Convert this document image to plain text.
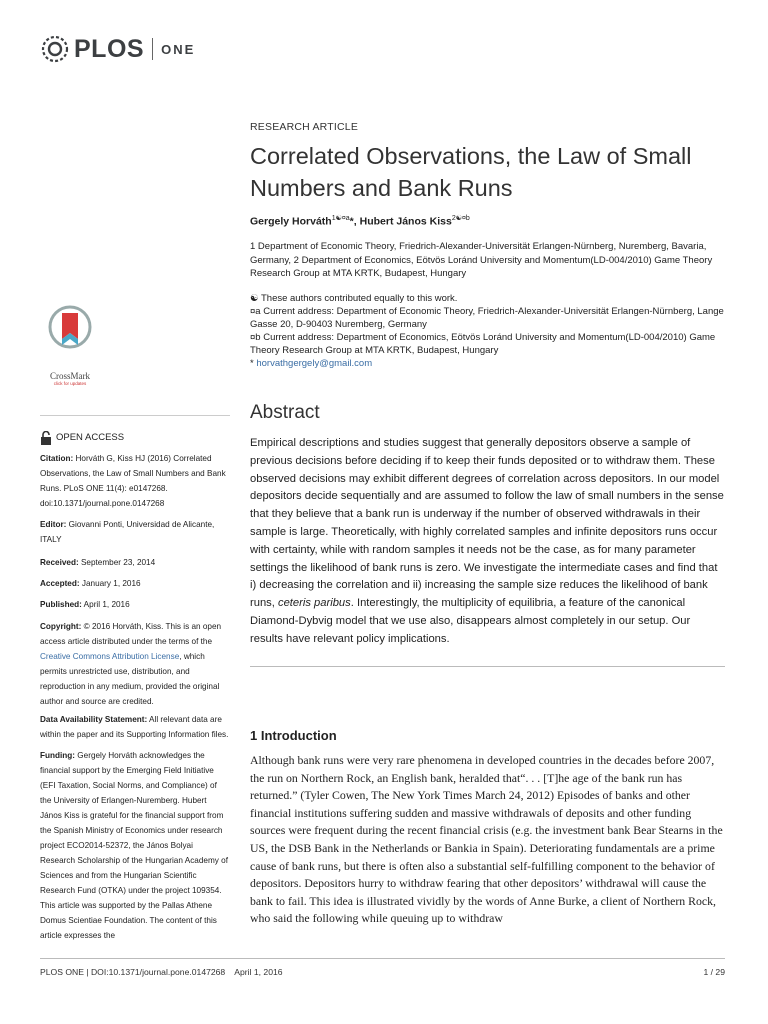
PLOS ONE
RESEARCH ARTICLE
Correlated Observations, the Law of Small
Numbers and Bank Runs
Gergely Horváth$^{1☯¤a}$*, Hubert János Kiss$^{2☯¤b}$
1 Department of Economic Theory, Friedrich-Alexander-Universität Erlangen-Nürnberg, Nuremberg, Bavaria, Germany, 2 Department of Economics, Eötvös Loránd University and Momentum(LD-004/2010) Game Theory Research Group at MTA KRTK, Budapest, Hungary
☯ These authors contributed equally to this work.
¤a Current address: Department of Economic Theory, Friedrich-Alexander-Universität Erlangen-Nürnberg, Lange Gasse 20, D-90403 Nuremberg, Germany
¤b Current address: Department of Economics, Eötvös Loránd University and Momentum(LD-004/2010) Game Theory Research Group at MTA KRTK, Budapest, Hungary
* horvathgergely@gmail.com
Abstract
Empirical descriptions and studies suggest that generally depositors observe a sample of previous decisions before deciding if to keep their funds deposited or to withdraw them. These observed decisions may exhibit different degrees of correlation across depositors. In our model depositors decide sequentially and are assumed to follow the law of small numbers in the sense that they believe that a bank run is underway if the number of observed withdrawals in their sample is large. Theoretically, with highly correlated samples and infinite depositors runs occur with certainty, while with random samples it needs not be the case, as for many parameter settings the likelihood of bank runs is zero. We investigate the intermediate cases and find that i) decreasing the correlation and ii) increasing the sample size reduces the likelihood of bank runs, ceteris paribus. Interestingly, the multiplicity of equilibria, a feature of the canonical Diamond-Dybvig model that we use also, disappears almost completely in our setup. Our results have relevant policy implications.
1 Introduction
Although bank runs were very rare phenomena in developed countries in the decades before 2007, the run on Northern Rock, an English bank, heralded that“. . . [T]he age of the bank run has returned.” (Tyler Cowen, The New York Times March 24, 2012) Episodes of banks and other financial institutions suffering sudden and massive withdrawals of deposits and other funding sources were frequent during the recent financial crisis (e.g. the investment bank Bear Stearns in the US, the DSB Bank in the Netherlands or Bankia in Spain). Deteriorating fundamentals are a prime cause of bank runs, but there is often also a substantial self-fulfilling component to the behavior of depositors. Depositors hurry to withdraw fearing that other depositors’ withdrawal will cause the bank to fail. This idea is illustrated vividly by the words of Anne Burke, a client of Northern Rock, who said the following while queuing up to withdraw
CrossMark
click for updates
OPEN ACCESS
Citation: Horváth G, Kiss HJ (2016) Correlated Observations, the Law of Small Numbers and Bank Runs. PLoS ONE 11(4): e0147268. doi:10.1371/journal.pone.0147268
Editor: Giovanni Ponti, Universidad de Alicante, ITALY
Received: September 23, 2014
Accepted: January 1, 2016
Published: April 1, 2016
Copyright: © 2016 Horváth, Kiss. This is an open access article distributed under the terms of the Creative Commons Attribution License, which permits unrestricted use, distribution, and reproduction in any medium, provided the original author and source are credited.
Data Availability Statement: All relevant data are within the paper and its Supporting Information files.
Funding: Gergely Horváth acknowledges the financial support by the Emerging Field Initiative (EFI Taxation, Social Norms, and Compliance) of the University of Erlangen-Nuremberg. Hubert János Kiss is grateful for the financial support from the Spanish Ministry of Economics under research project ECO2014-52372, the János Bolyai Research Scholarship of the Hungarian Academy of Sciences and from the Hungarian Scientific Research Fund (OTKA) under the project 109354. This article was supported by the Pallas Athene Domus Scientiae Foundation. The content of this article expresses the
PLOS ONE | DOI:10.1371/journal.pone.0147268    April 1, 2016	1 / 29
